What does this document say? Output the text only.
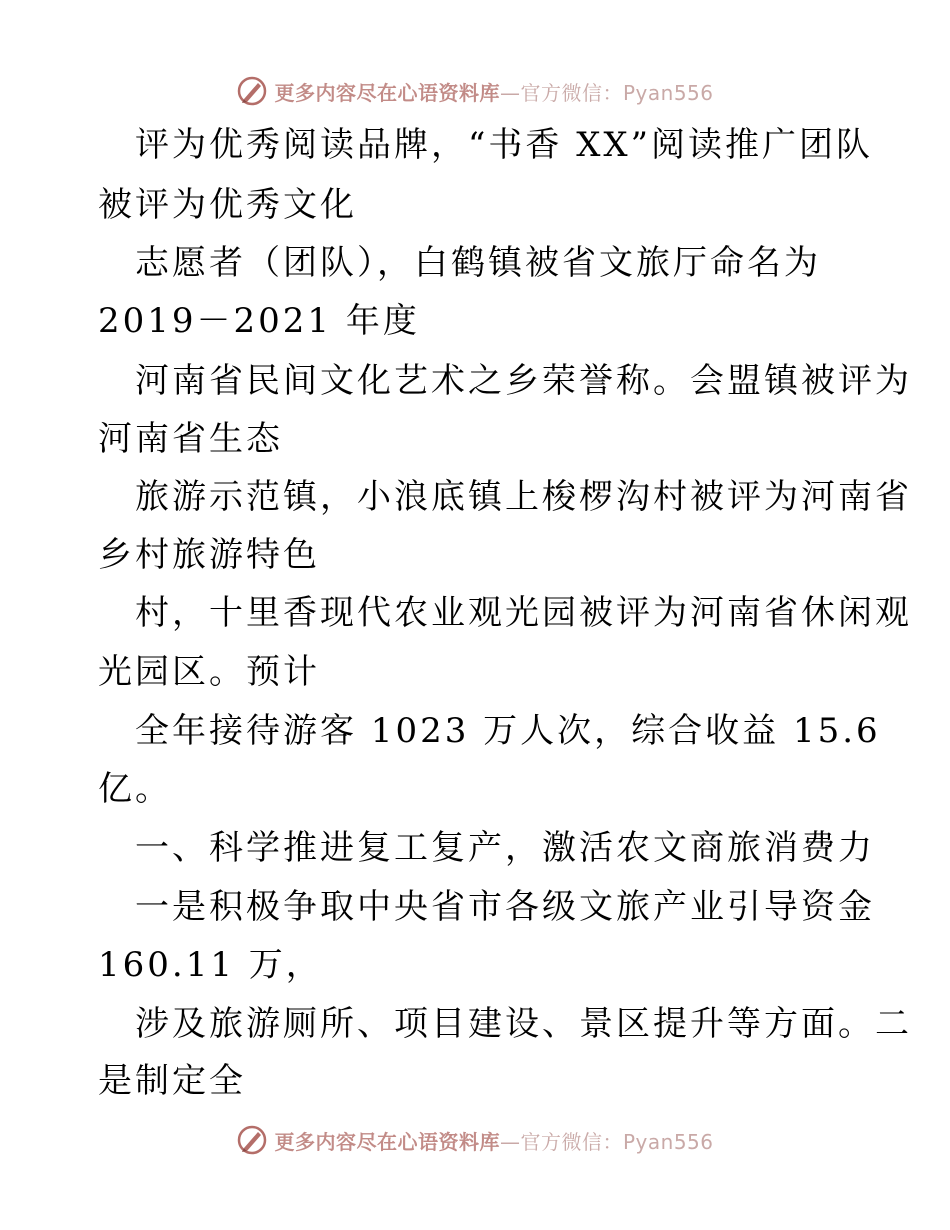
更多内容尽在心语资料库—官方微信：Pyan556
评为优秀阅读品牌，“书香 XX”阅读推广团队
被评为优秀文化
志愿者（团队），白鹤镇被省文旅厅命名为
2019－2021 年度
河南省民间文化艺术之乡荣誉称。会盟镇被评为
河南省生态
旅游示范镇，小浪底镇上梭椤沟村被评为河南省
乡村旅游特色
村，十里香现代农业观光园被评为河南省休闲观
光园区。预计
全年接待游客 1023 万人次，综合收益 15.6
亿。
一、科学推进复工复产，激活农文商旅消费力
一是积极争取中央省市各级文旅产业引导资金
160.11 万，
涉及旅游厕所、项目建设、景区提升等方面。二
是制定全
更多内容尽在心语资料库—官方微信：Pyan556
